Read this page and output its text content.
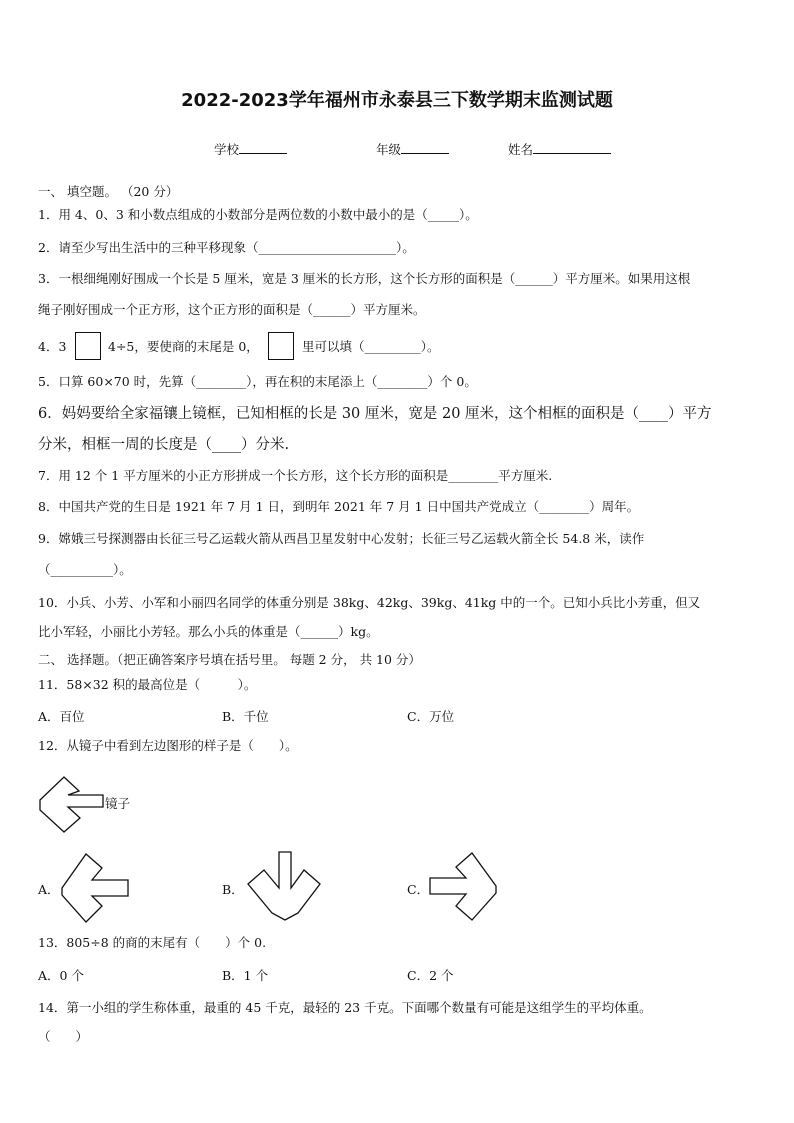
2022-2023学年福州市永泰县三下数学期末监测试题
学校	年级	姓名
一、 填空题。 （20 分）
1．用 4、0、3 和小数点组成的小数部分是两位数的小数中最小的是（_____）。
2．请至少写出生活中的三种平移现象（______________________）。
3．一根细绳刚好围成一个长是 5 厘米，宽是 3 厘米的长方形，这个长方形的面积是（______）平方厘米。如果用这根
绳子刚好围成一个正方形，这个正方形的面积是（______）平方厘米。
4．3	4÷5，要使商的末尾是 0，	里可以填（_________）。
5．口算 60×70 时，先算（________），再在积的末尾添上（________）个 0。
6．妈妈要给全家福镶上镜框，已知相框的长是 30 厘米，宽是 20 厘米，这个相框的面积是（____）平方
分米，相框一周的长度是（____）分米.
7．用 12 个 1 平方厘米的小正方形拼成一个长方形，这个长方形的面积是________平方厘米.
8．中国共产党的生日是 1921 年 7 月 1 日，到明年 2021 年 7 月 1 日中国共产党成立（________）周年。
9．嫦娥三号探测器由长征三号乙运载火箭从西昌卫星发射中心发射；长征三号乙运载火箭全长 54.8 米，读作
（__________）。
10．小兵、小芳、小军和小丽四名同学的体重分别是 38kg、42kg、39kg、41kg 中的一个。已知小兵比小芳重，但又
比小军轻，小丽比小芳轻。那么小兵的体重是（______）kg。
二、 选择题。（把正确答案序号填在括号里。 每题 2 分， 共 10 分）
11．58×32 积的最高位是（　　　）。
A．百位	B．千位	C．万位
12．从镜子中看到左边图形的样子是（　　）。
镜子
A．	B．	C．
13．805÷8 的商的末尾有（　　）个 0.
A．0 个	B．1 个	C．2 个
14．第一小组的学生称体重，最重的 45 千克，最轻的 23 千克。下面哪个数量有可能是这组学生的平均体重。
（　　）
